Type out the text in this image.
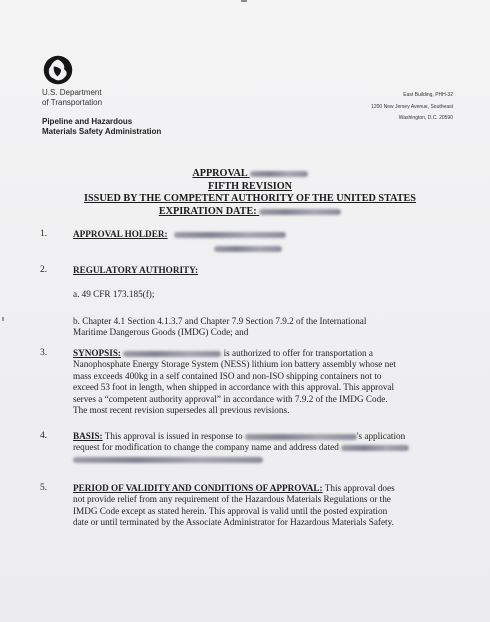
U.S. Department
of Transportation
Pipeline and Hazardous
Materials Safety Administration
East Building, PHH-32
1200 New Jersey Avenue, Southeast
Washington, D.C. 20590
APPROVAL
FIFTH REVISION
ISSUED BY THE COMPETENT AUTHORITY OF THE UNITED STATES
EXPIRATION DATE:
1.	APPROVAL HOLDER:
2.	REGULATORY AUTHORITY:
a. 49 CFR 173.185(f);
b. Chapter 4.1 Section 4.1.3.7 and Chapter 7.9 Section 7.9.2 of the International
Maritime Dangerous Goods (IMDG) Code; and
3.	SYNOPSIS:	is authorized to offer for transportation a
Nanophosphate Energy Storage System (NESS) lithium ion battery assembly whose net
mass exceeds 400kg in a self contained ISO and non-ISO shipping containers not to
exceed 53 foot in length, when shipped in accordance with this approval. This approval
serves a “competent authority approval” in accordance with 7.9.2 of the IMDG Code.
The most recent revision supersedes all previous revisions.
4.	BASIS: This approval is issued in response to	's application
request for modification to change the company name and address dated
5.	PERIOD OF VALIDITY AND CONDITIONS OF APPROVAL: This approval does
not provide relief from any requirement of the Hazardous Materials Regulations or the
IMDG Code except as stated herein. This approval is valid until the posted expiration
date or until terminated by the Associate Administrator for Hazardous Materials Safety.
